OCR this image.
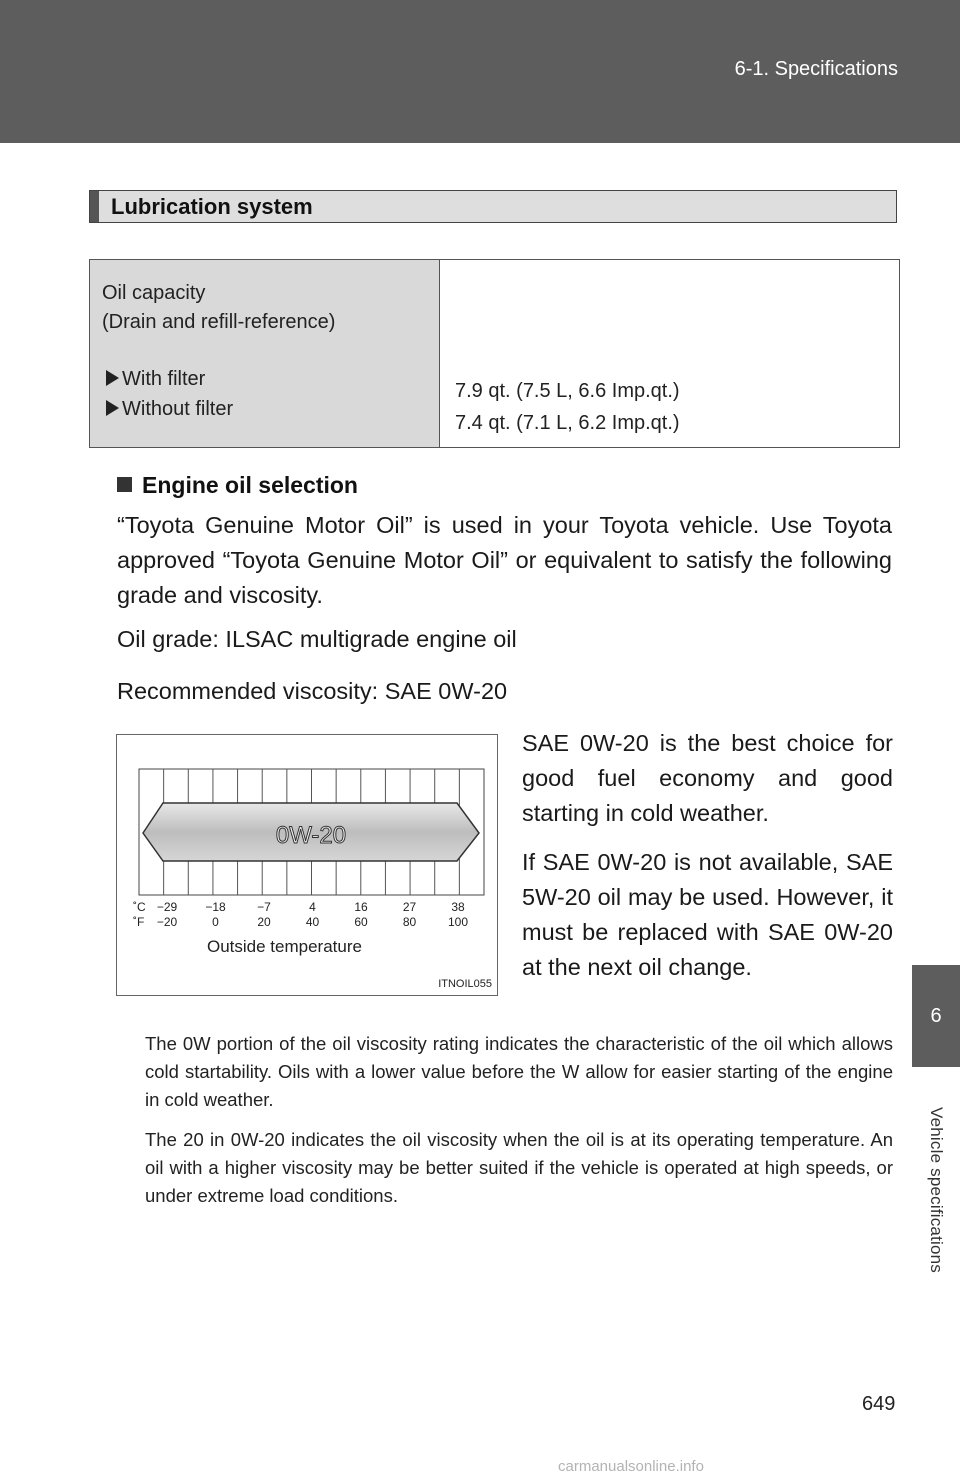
6-1. Specifications
6
Vehicle specifications
Lubrication system
Oil capacity
(Drain and refill-reference)
With filter
Without filter
7.9 qt. (7.5 L, 6.6 Imp.qt.)
7.4 qt. (7.1 L, 6.2 Imp.qt.)
Engine oil selection
“Toyota Genuine Motor Oil” is used in your Toyota vehicle. Use Toyota approved “Toyota Genuine Motor Oil” or equivalent to satisfy the following grade and viscosity.
Oil grade: ILSAC multigrade engine oil
Recommended viscosity: SAE 0W-20
0W-20
˚C
˚F
−29
−20
−18
0
−7
20
4
40
16
60
27
80
38
100
Outside temperature
ITNOIL055

SAE 0W-20 is the best choice for good fuel economy and good starting in cold weather.

If SAE 0W-20 is not available, SAE 5W-20 oil may be used. However, it must be replaced with SAE 0W-20 at the next oil change.

The 0W portion of the oil viscosity rating indicates the characteristic of the oil which allows cold startability. Oils with a lower value before the W allow for easier starting of the engine in cold weather.

The 20 in 0W-20 indicates the oil viscosity when the oil is at its operating temperature. An oil with a higher viscosity may be better suited if the vehicle is operated at high speeds, or under extreme load conditions.

649
carmanualsonline.info
